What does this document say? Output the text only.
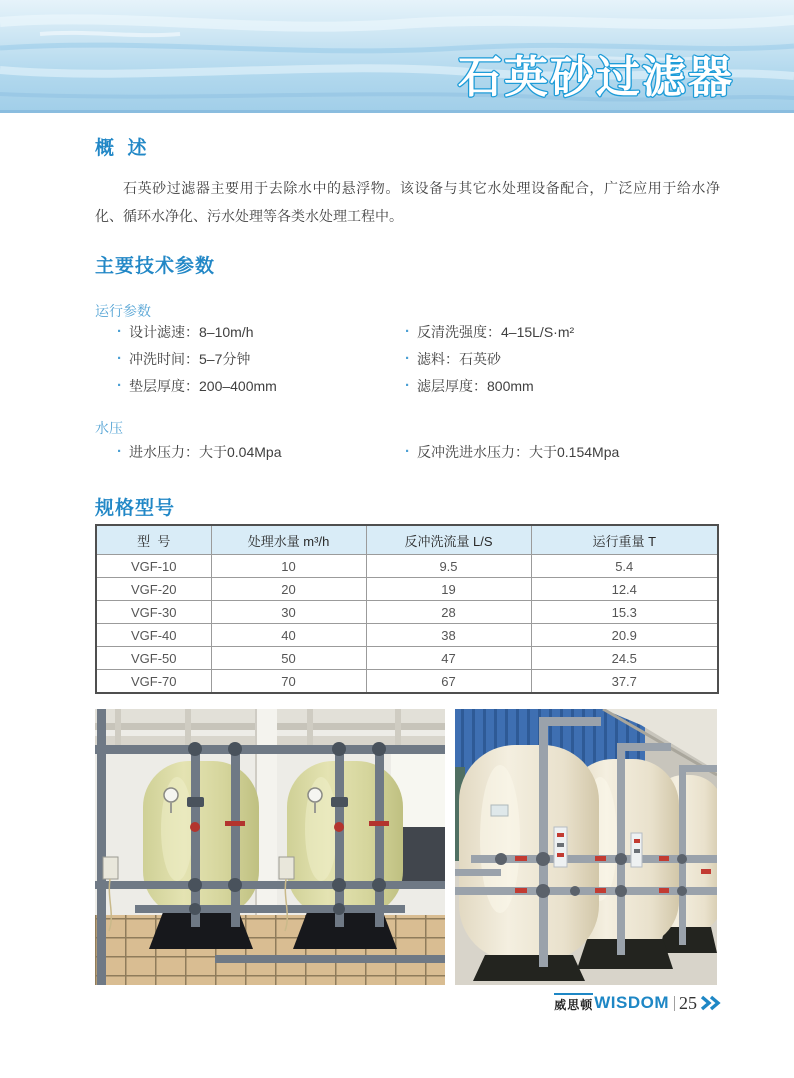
石英砂过滤器
概  述

石英砂过滤器主要用于去除水中的悬浮物。该设备与其它水处理设备配合，广泛应用于给水净化、循环水净化、污水处理等各类水处理工程中。

主要技术参数
运行参数
· 设计滤速： 8–10m/h	· 反清洗强度： 4–15L/S·m²
· 冲洗时间： 5–7分钟	· 滤料： 石英砂
· 垫层厚度： 200–400mm	· 滤层厚度： 800mm
水压
· 进水压力： 大于0.04Mpa	· 反冲洗进水压力： 大于0.154Mpa
规格型号
型  号	处理水量 m³/h	反冲洗流量 L/S	运行重量 T
VGF-10	10	9.5	5.4
VGF-20	20	19	12.4
VGF-30	30	28	15.3
VGF-40	40	38	20.9
VGF-50	50	47	24.5
VGF-70	70	67	37.7
威思顿 WISDOM 25
